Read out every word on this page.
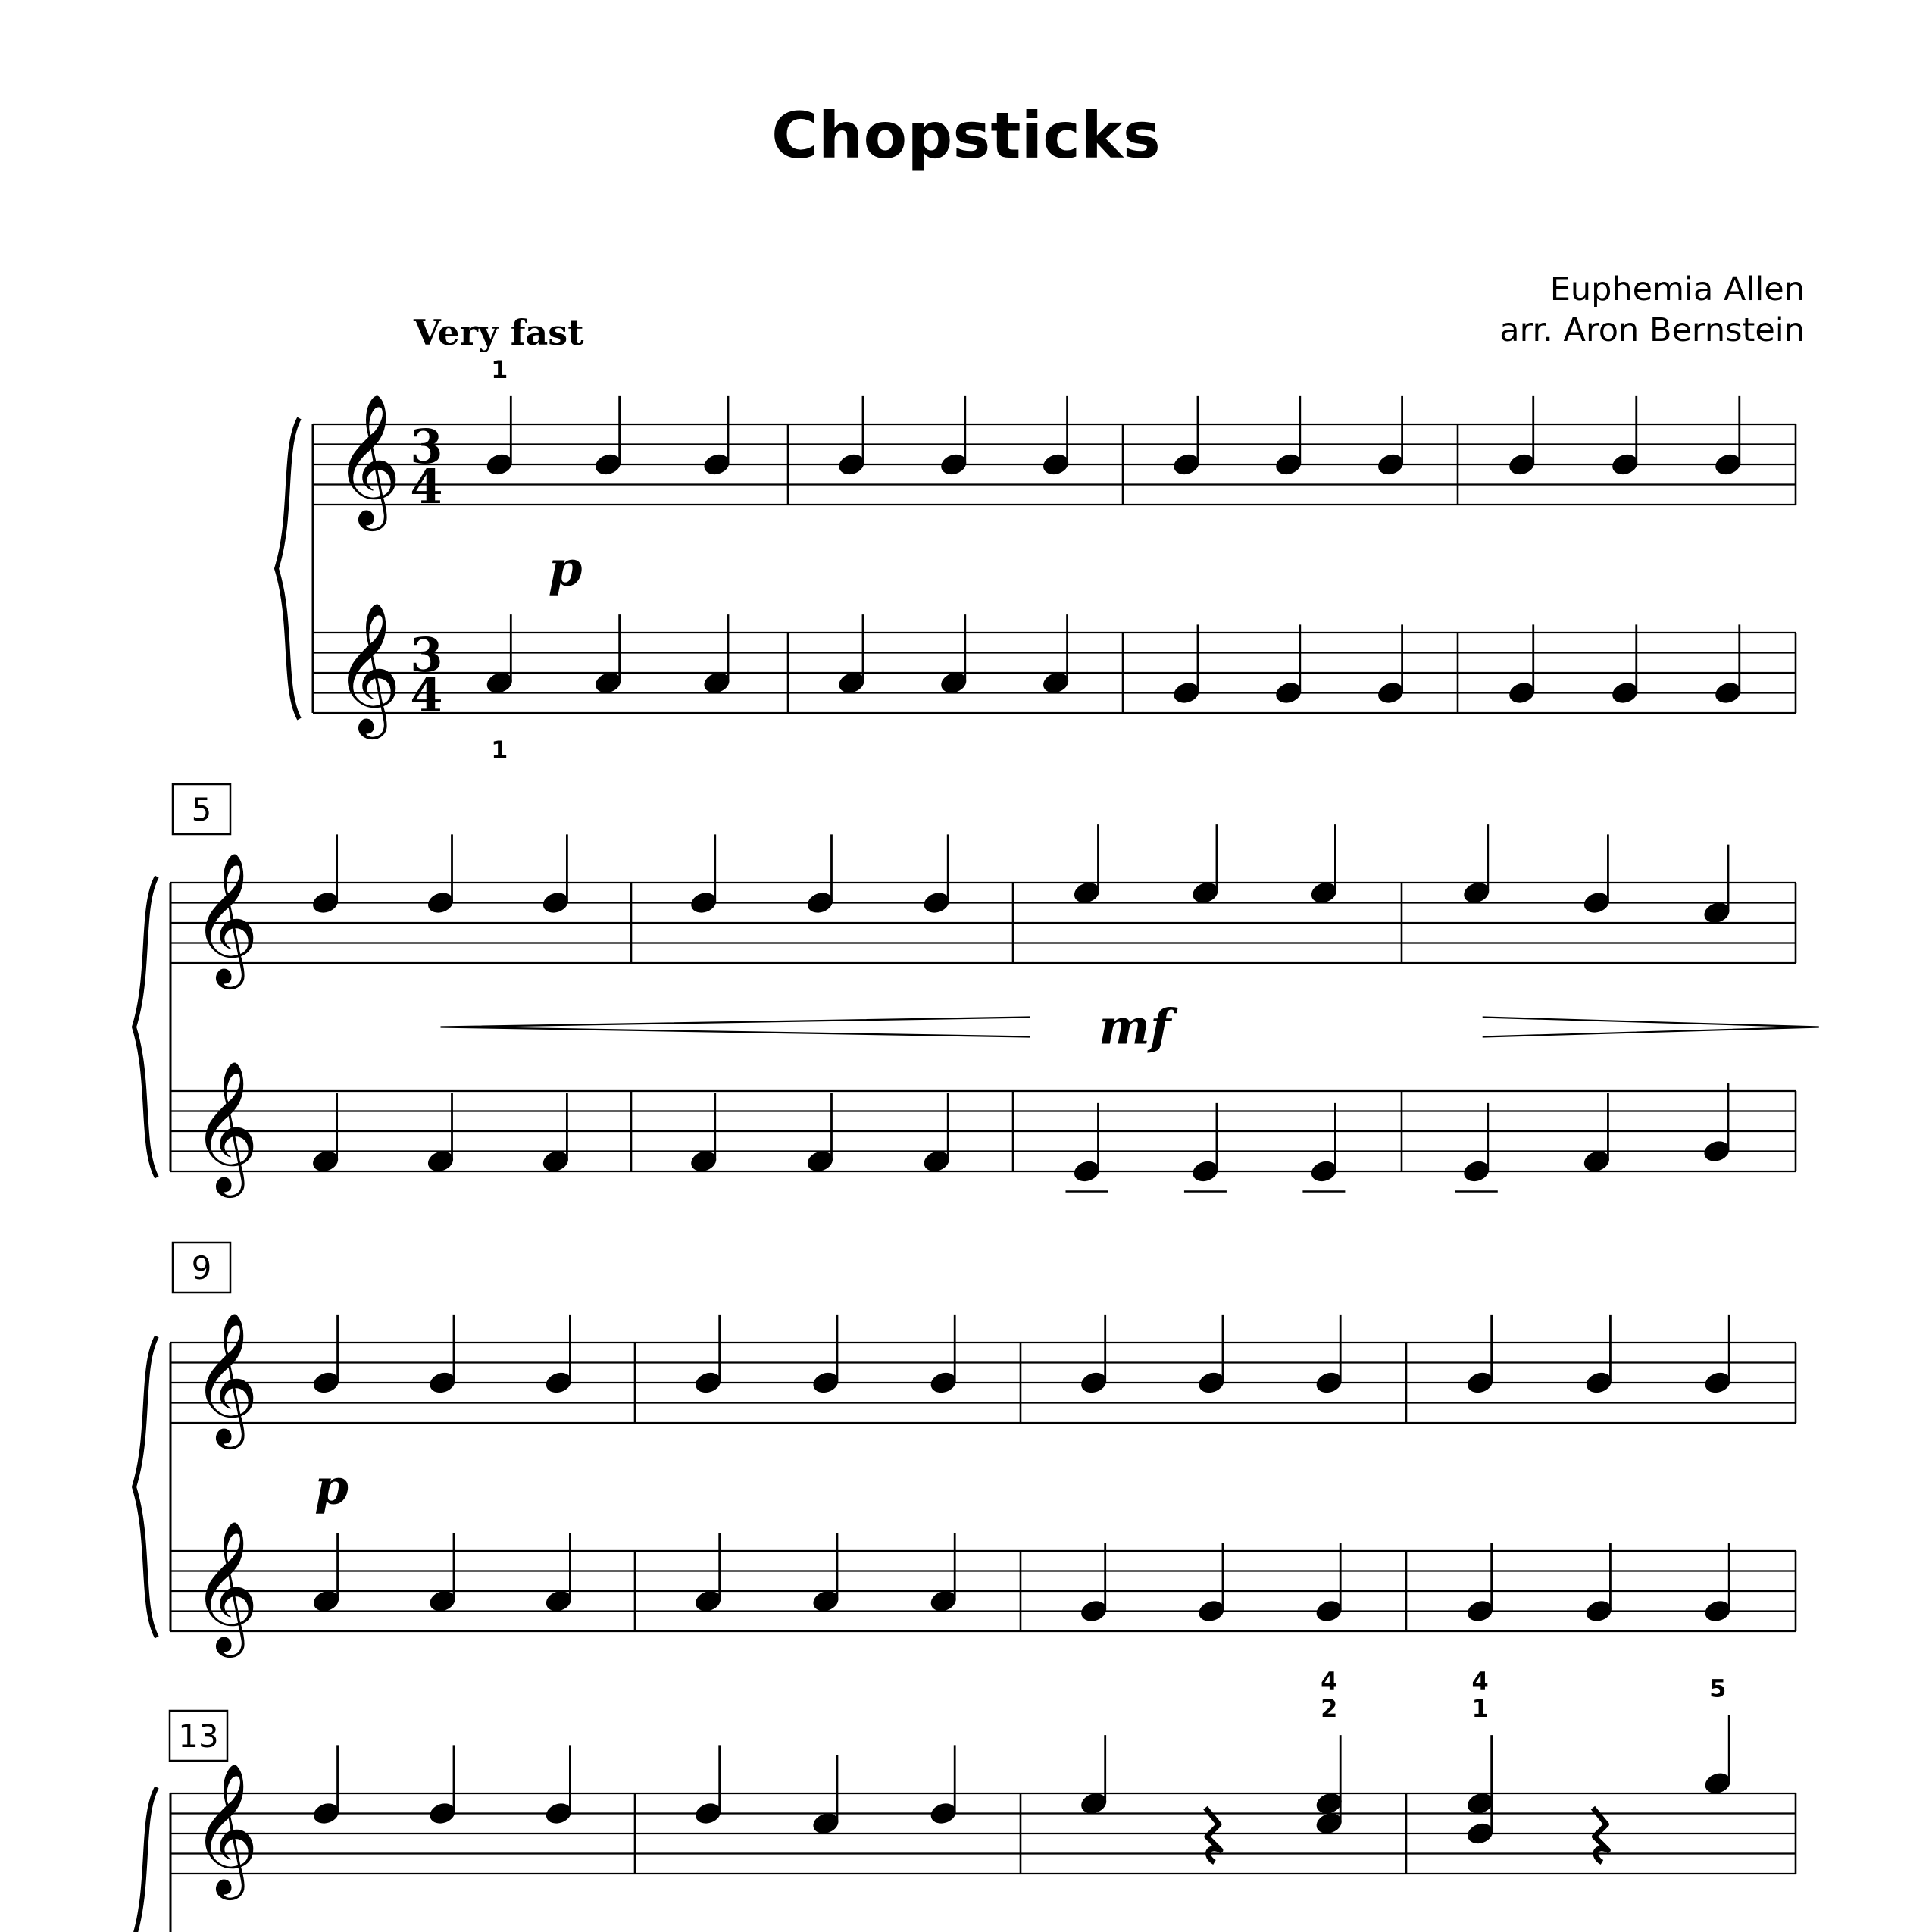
Chopsticks
Euphemia Allen
arr. Aron Bernstein
Very fast
𝄞
𝄞
3
4
3
4
1
1
p
𝄞
𝄞
5
mf
𝄞
𝄞
9
p
𝄞
13
4
2
4
1
5
